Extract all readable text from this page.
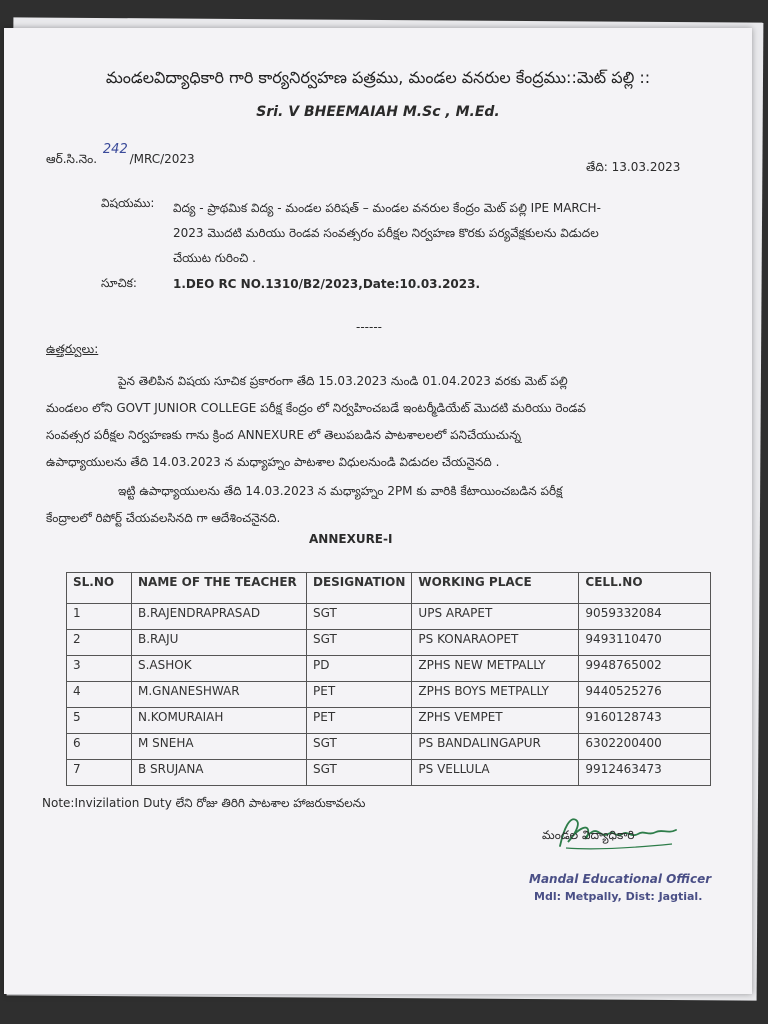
మండలవిద్యాధికారి గారి కార్యనిర్వహణ పత్రము, మండల వనరుల కేంద్రము::మెట్ పల్లి ::
Sri. V BHEEMAIAH M.Sc , M.Ed.
ఆర్.సి.నెం. 242 /MRC/2023
తేది: 13.03.2023
విషయము: విద్య - ప్రాథమిక విద్య - మండల పరిషత్ – మండల వనరుల కేంద్రం మెట్ పల్లి IPE MARCH-
2023 మొదటి మరియు రెండవ సంవత్సరం పరీక్షల నిర్వహణ కొరకు పర్యవేక్షకులను విడుదల
చేయుట గురించి .
సూచిక:	1.DEO RC NO.1310/B2/2023,Date:10.03.2023.
------
ఉత్తర్వులు:
పైన తెలిపిన విషయ సూచిక ప్రకారంగా తేది 15.03.2023 నుండి 01.04.2023 వరకు మెట్ పల్లి
మండలం లోని GOVT JUNIOR COLLEGE పరీక్ష కేంద్రం లో నిర్వహించబడే ఇంటర్మీడియేట్ మొదటి మరియు రెండవ
సంవత్సర పరీక్షల నిర్వహణకు గాను క్రింద ANNEXURE లో తెలుపబడిన పాటశాలలలో పనిచేయుచున్న
ఉపాధ్యాయులను తేది 14.03.2023 న మధ్యాహ్నం పాటశాల విధులనుండి విడుదల చేయనైనది .
ఇట్టి ఉపాధ్యాయులను తేది 14.03.2023 న మధ్యాహ్నం 2PM కు వారికి కేటాయించబడిన పరీక్ష
కేంద్రాలలో రిపోర్ట్ చేయవలసినది గా ఆదేశించనైనది.
ANNEXURE-I
SL.NO	NAME OF THE TEACHER	DESIGNATION	WORKING PLACE	CELL.NO
1	B.RAJENDRAPRASAD	SGT	UPS ARAPET	9059332084
2	B.RAJU	SGT	PS KONARAOPET	9493110470
3	S.ASHOK	PD	ZPHS NEW METPALLY	9948765002
4	M.GNANESHWAR	PET	ZPHS BOYS METPALLY	9440525276
5	N.KOMURAIAH	PET	ZPHS VEMPET	9160128743
6	M SNEHA	SGT	PS BANDALINGAPUR	6302200400
7	B SRUJANA	SGT	PS VELLULA	9912463473
Note:Invizilation Duty లేని రోజు తిరిగి పాటశాల హాజరుకావలను
మండల విద్యాధికారి
Mandal Educational Officer
Mdl: Metpally, Dist: Jagtial.
